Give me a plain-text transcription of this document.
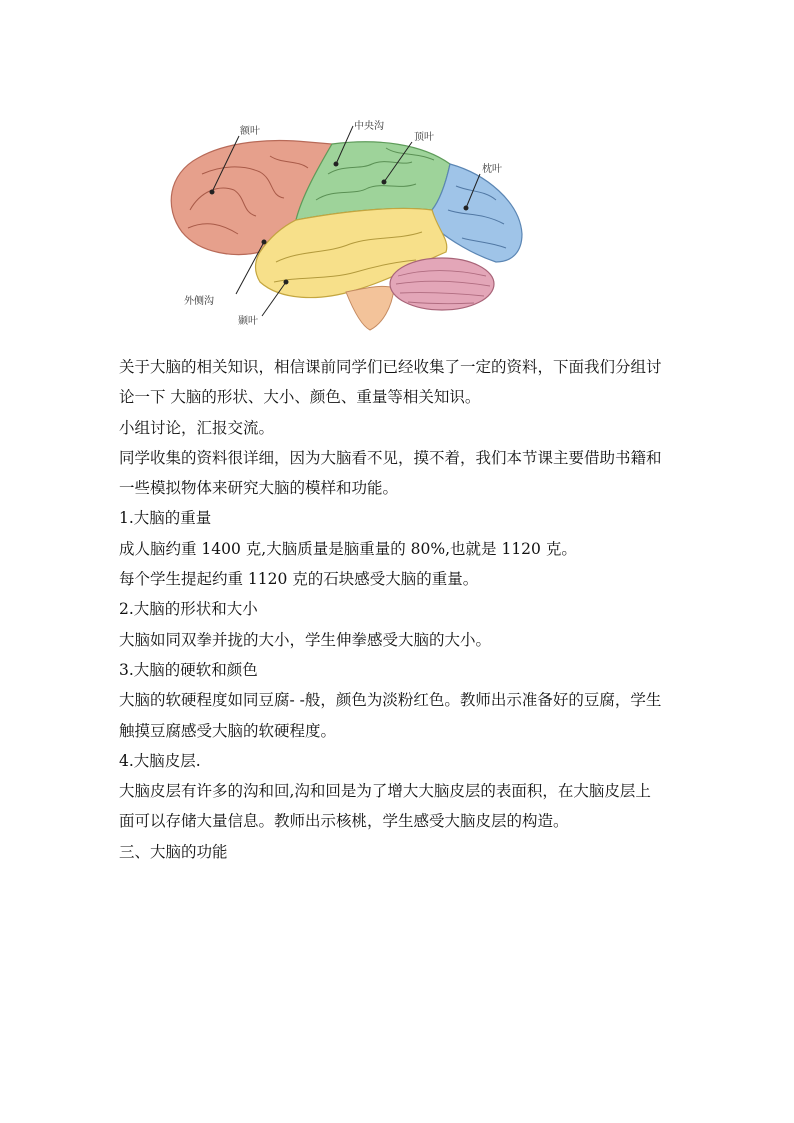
额叶	中央沟
顶叶
枕叶
外侧沟
颞叶

关于大脑的相关知识，相信课前同学们已经收集了一定的资料，下面我们分组讨

论一下 大脑的形状、大小、颜色、重量等相关知识。

小组讨论，汇报交流。

同学收集的资料很详细，因为大脑看不见，摸不着，我们本节课主要借助书籍和

一些模拟物体来研究大脑的模样和功能。

1.大脑的重量

成人脑约重 1400 克,大脑质量是脑重量的 80%,也就是 1120 克。

每个学生提起约重 1120 克的石块感受大脑的重量。

2.大脑的形状和大小

大脑如同双拳并拢的大小，学生伸拳感受大脑的大小。

3.大脑的硬软和颜色

大脑的软硬程度如同豆腐- -般，颜色为淡粉红色。教师出示准备好的豆腐，学生

触摸豆腐感受大脑的软硬程度。

4.大脑皮层.

大脑皮层有许多的沟和回,沟和回是为了增大大脑皮层的表面积，在大脑皮层上

面可以存储大量信息。教师出示核桃，学生感受大脑皮层的构造。

三、大脑的功能
